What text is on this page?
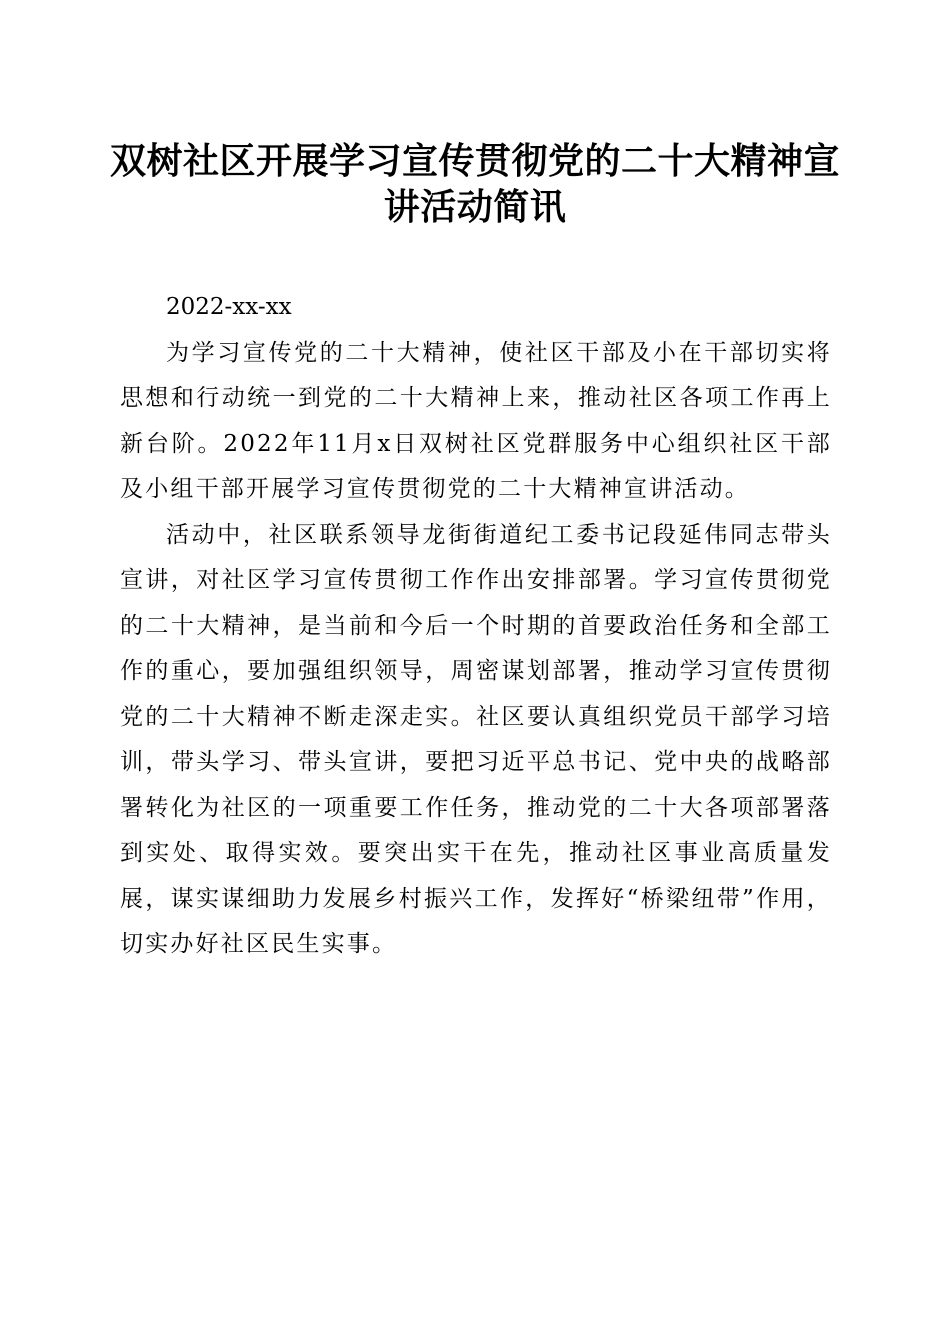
双树社区开展学习宣传贯彻党的二十大精神宣讲活动简讯

2022-xx-xx

为学习宣传党的二十大精神，使社区干部及小在干部切实将思想和行动统一到党的二十大精神上来，推动社区各项工作再上新台阶。2022年11月x日双树社区党群服务中心组织社区干部及小组干部开展学习宣传贯彻党的二十大精神宣讲活动。

活动中，社区联系领导龙街街道纪工委书记段延伟同志带头宣讲，对社区学习宣传贯彻工作作出安排部署。学习宣传贯彻党的二十大精神，是当前和今后一个时期的首要政治任务和全部工作的重心，要加强组织领导，周密谋划部署，推动学习宣传贯彻党的二十大精神不断走深走实。社区要认真组织党员干部学习培训，带头学习、带头宣讲，要把习近平总书记、党中央的战略部署转化为社区的一项重要工作任务，推动党的二十大各项部署落到实处、取得实效。要突出实干在先，推动社区事业高质量发展，谋实谋细助力发展乡村振兴工作，发挥好“桥梁纽带”作用，切实办好社区民生实事。
